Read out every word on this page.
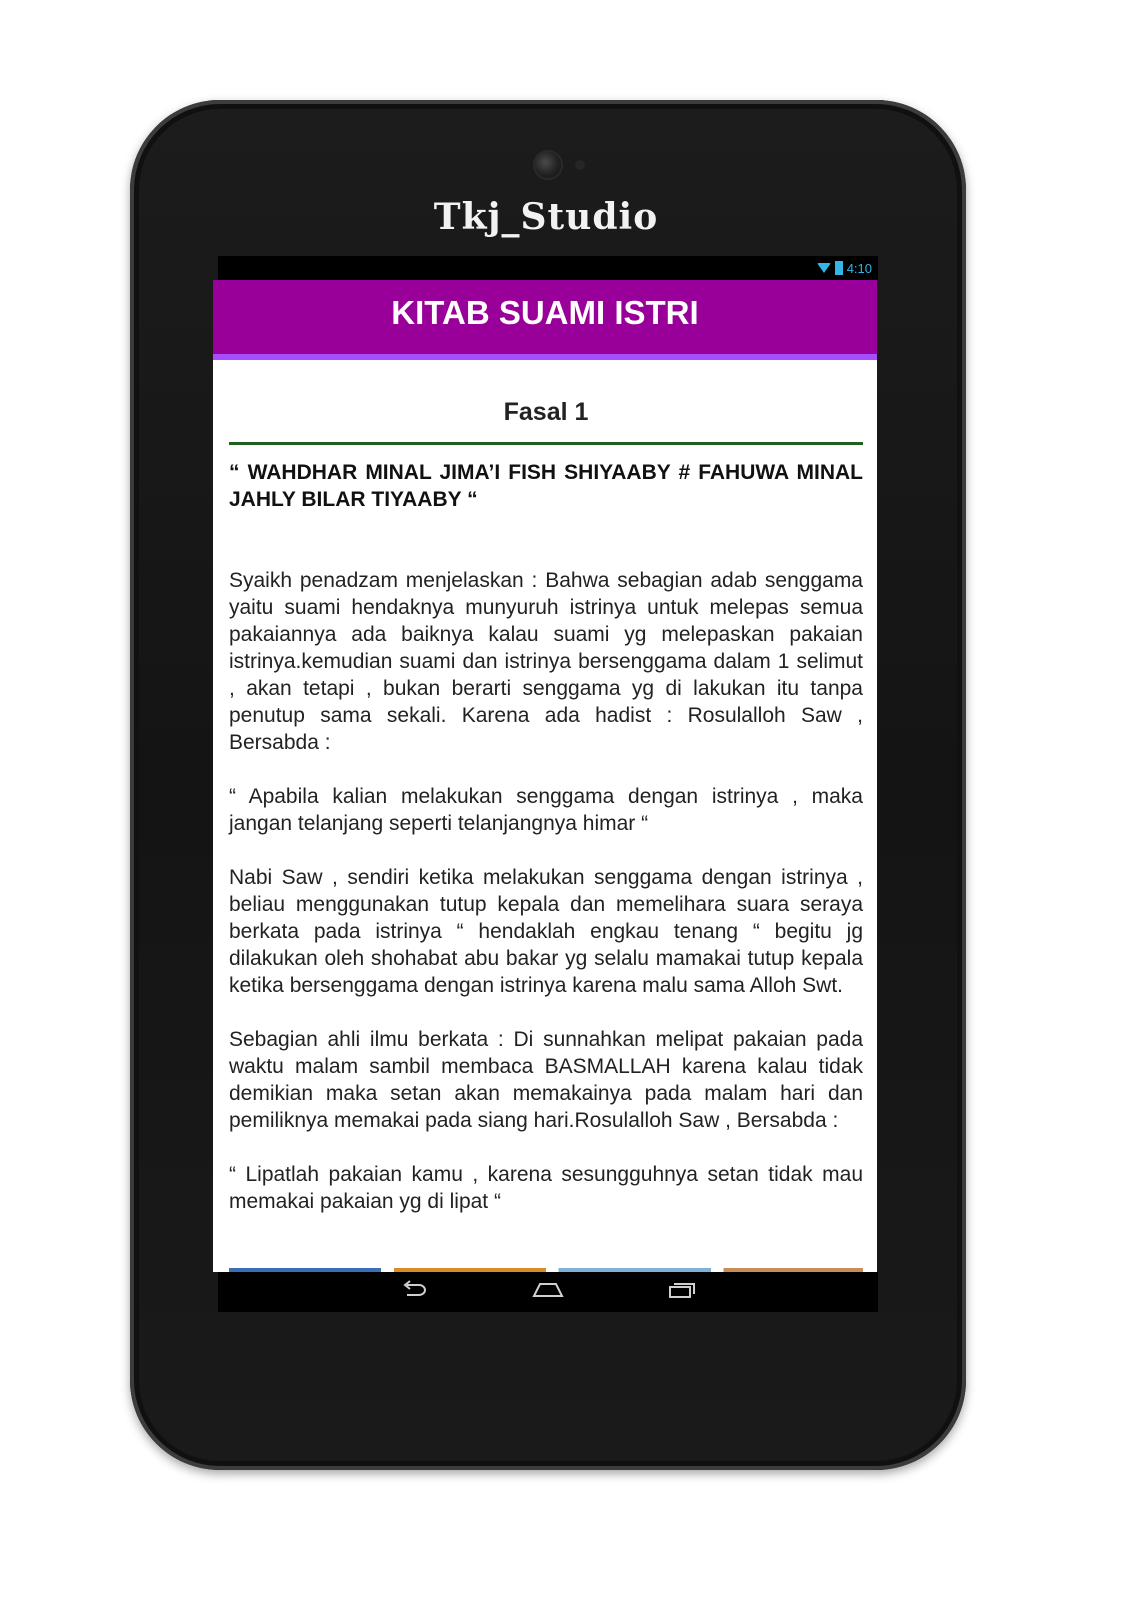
Tkj_Studio
4:10
KITAB SUAMI ISTRI
Fasal 1
“ WAHDHAR MINAL JIMA’I FISH SHIYAABY # FAHUWA MINAL JAHLY BILAR TIYAABY “
Syaikh penadzam menjelaskan : Bahwa sebagian adab senggama yaitu suami hendaknya munyuruh istrinya untuk melepas semua pakaiannya ada baiknya kalau suami yg melepaskan pakaian istrinya.kemudian suami dan istrinya bersenggama dalam 1 selimut , akan tetapi , bukan berarti senggama yg di lakukan itu tanpa penutup sama sekali. Karena ada hadist : Rosulalloh Saw , Bersabda :
“ Apabila kalian melakukan senggama dengan istrinya , maka jangan telanjang seperti telanjangnya himar “
Nabi Saw , sendiri ketika melakukan senggama dengan istrinya , beliau menggunakan tutup kepala dan memelihara suara seraya berkata pada istrinya “ hendaklah engkau tenang “ begitu jg dilakukan oleh shohabat abu bakar yg selalu mamakai tutup kepala ketika bersenggama dengan istrinya karena malu sama Alloh Swt.
Sebagian ahli ilmu berkata : Di sunnahkan melipat pakaian pada waktu malam sambil membaca BASMALLAH karena kalau tidak demikian maka setan akan memakainya pada malam hari dan pemiliknya memakai pada siang hari.Rosulalloh Saw , Bersabda :
“ Lipatlah pakaian kamu , karena sesungguhnya setan tidak mau memakai pakaian yg di lipat “
